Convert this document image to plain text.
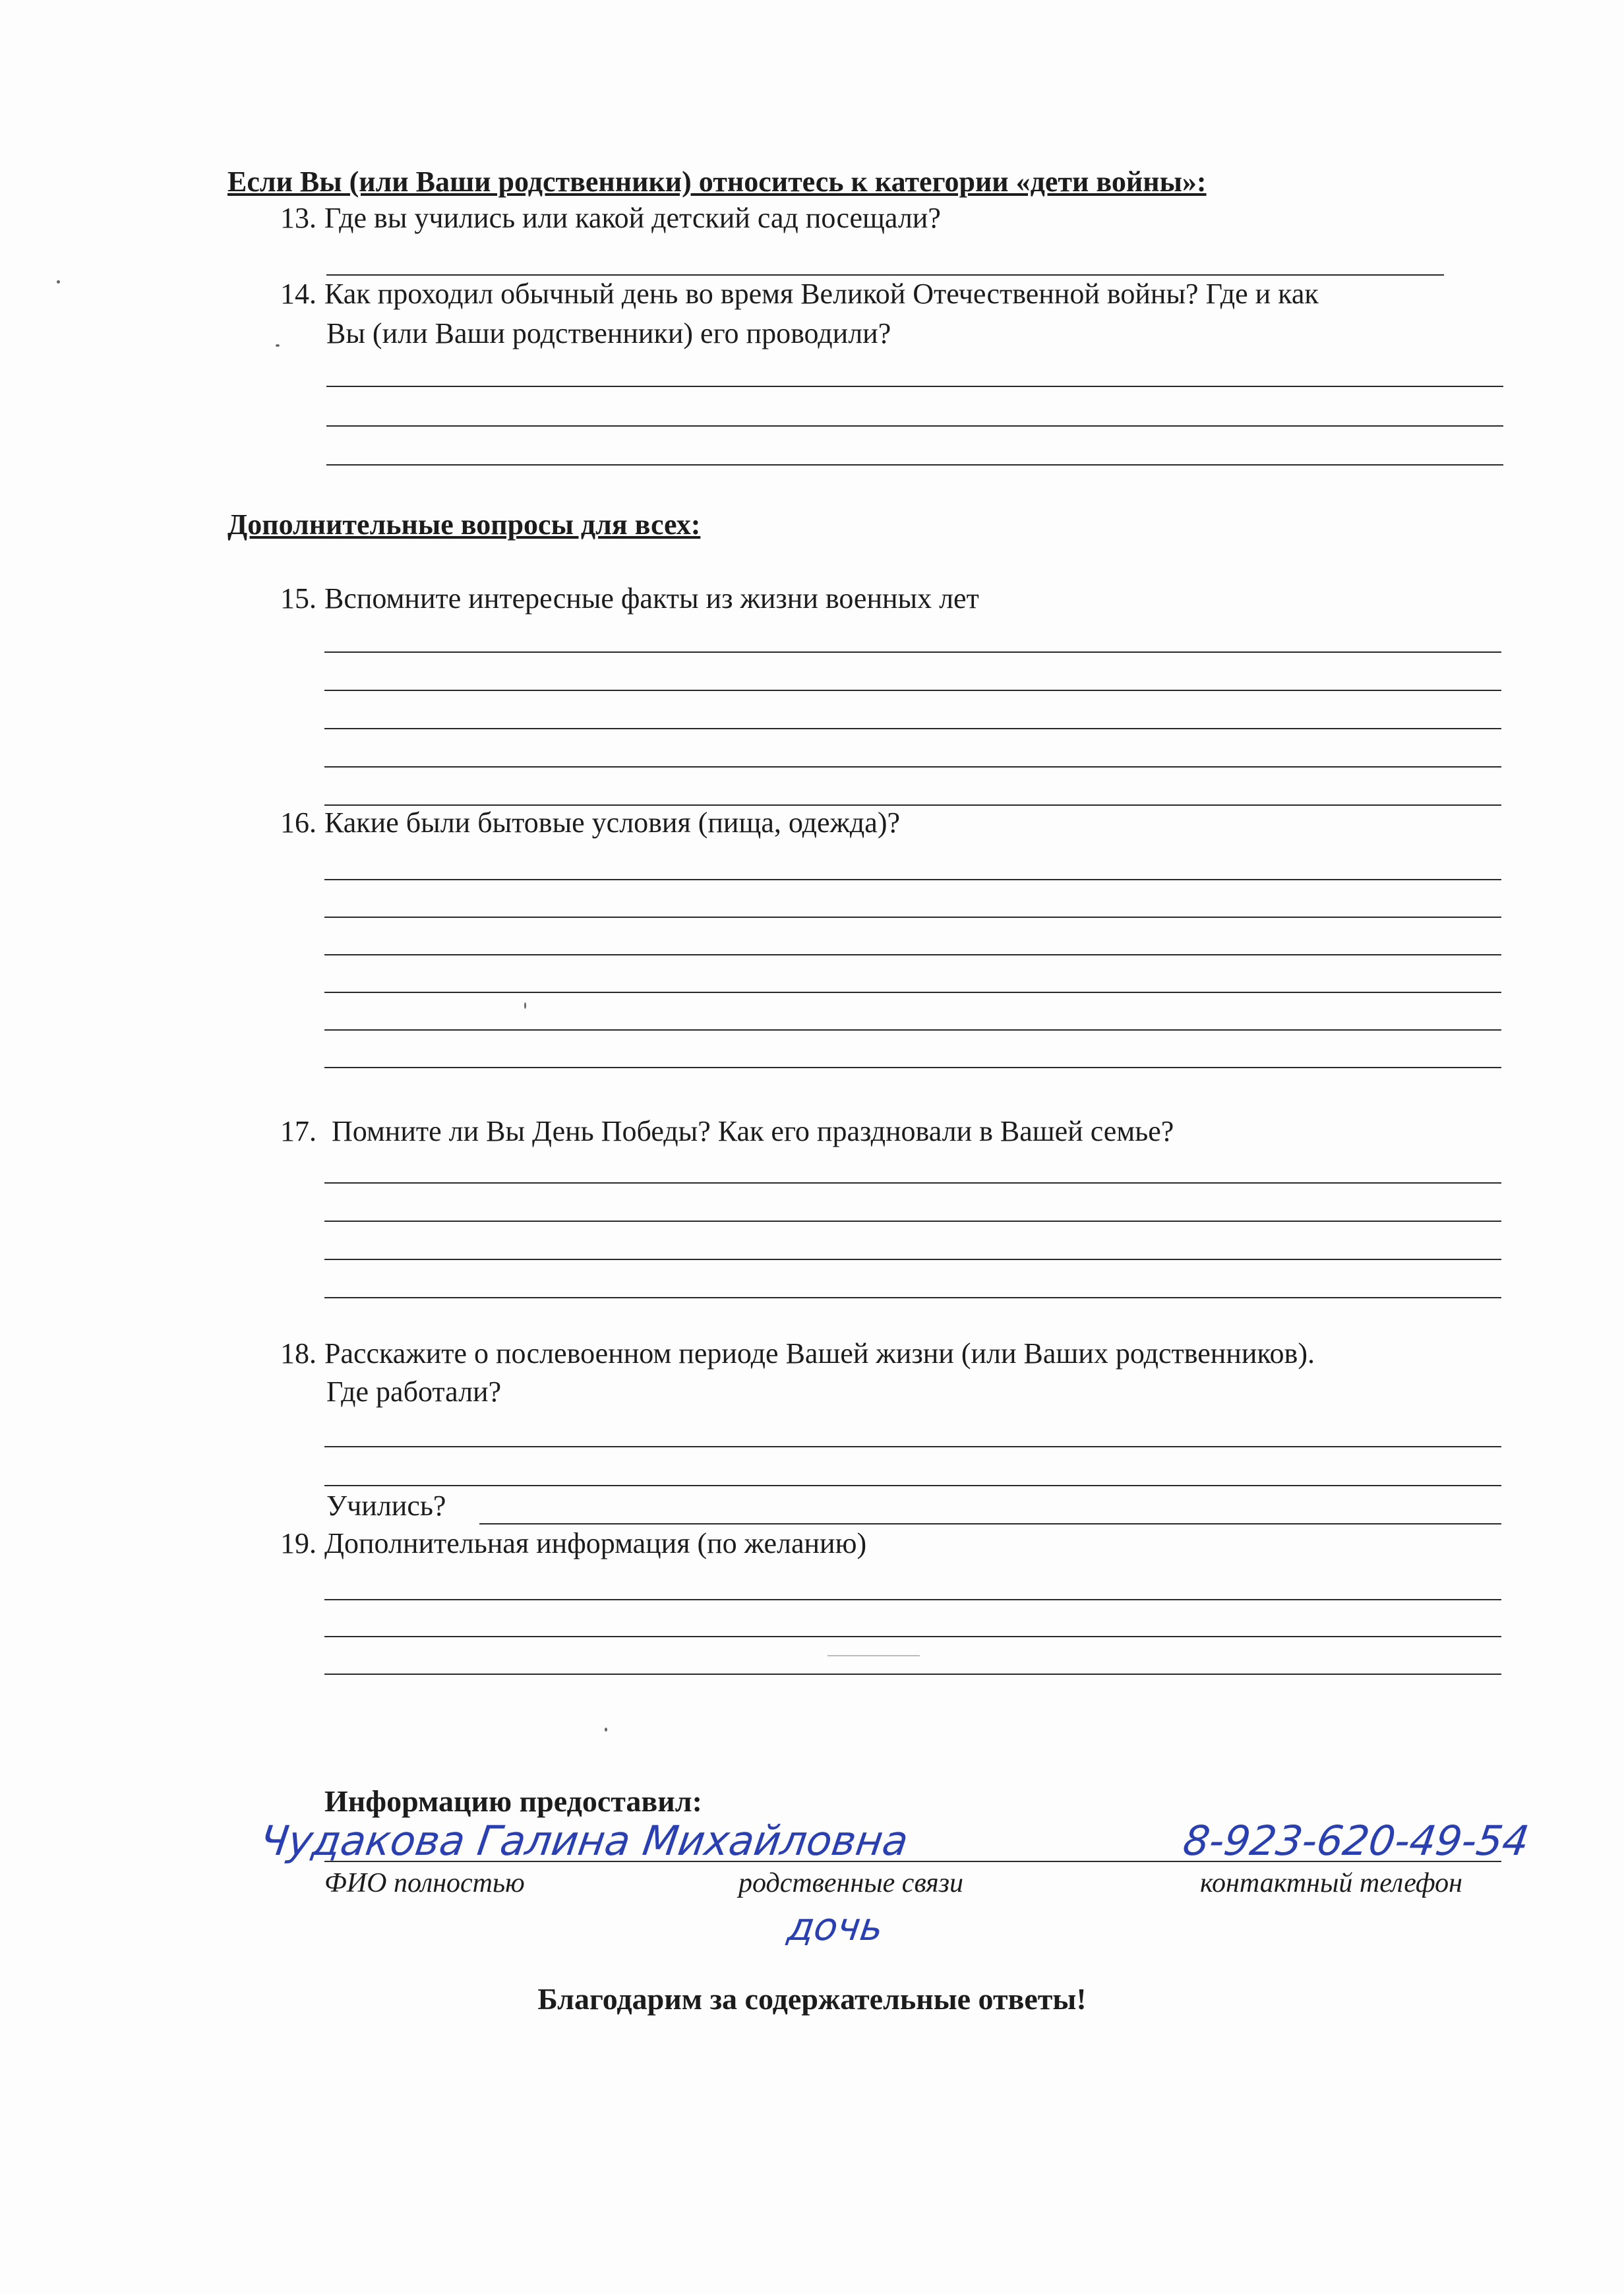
Если Вы (или Ваши родственники) относитесь к категории «дети войны»:
13. Где вы учились или какой детский сад посещали?
14. Как проходил обычный день во время Великой Отечественной войны? Где и как
Вы (или Ваши родственники) его проводили?
Дополнительные вопросы для всех:
15. Вспомните интересные факты из жизни военных лет
16. Какие были бытовые условия (пища, одежда)?
17. Помните ли Вы День Победы? Как его праздновали в Вашей семье?
18. Расскажите о послевоенном периоде Вашей жизни (или Ваших родственников).
Где работали?
Учились?
19. Дополнительная информация (по желанию)
Информацию предоставил:
Чудакова Галина Михайловна	8-923-620-49-54
ФИО полностью	родственные связи	контактный телефон
дочь
Благодарим за содержательные ответы!
